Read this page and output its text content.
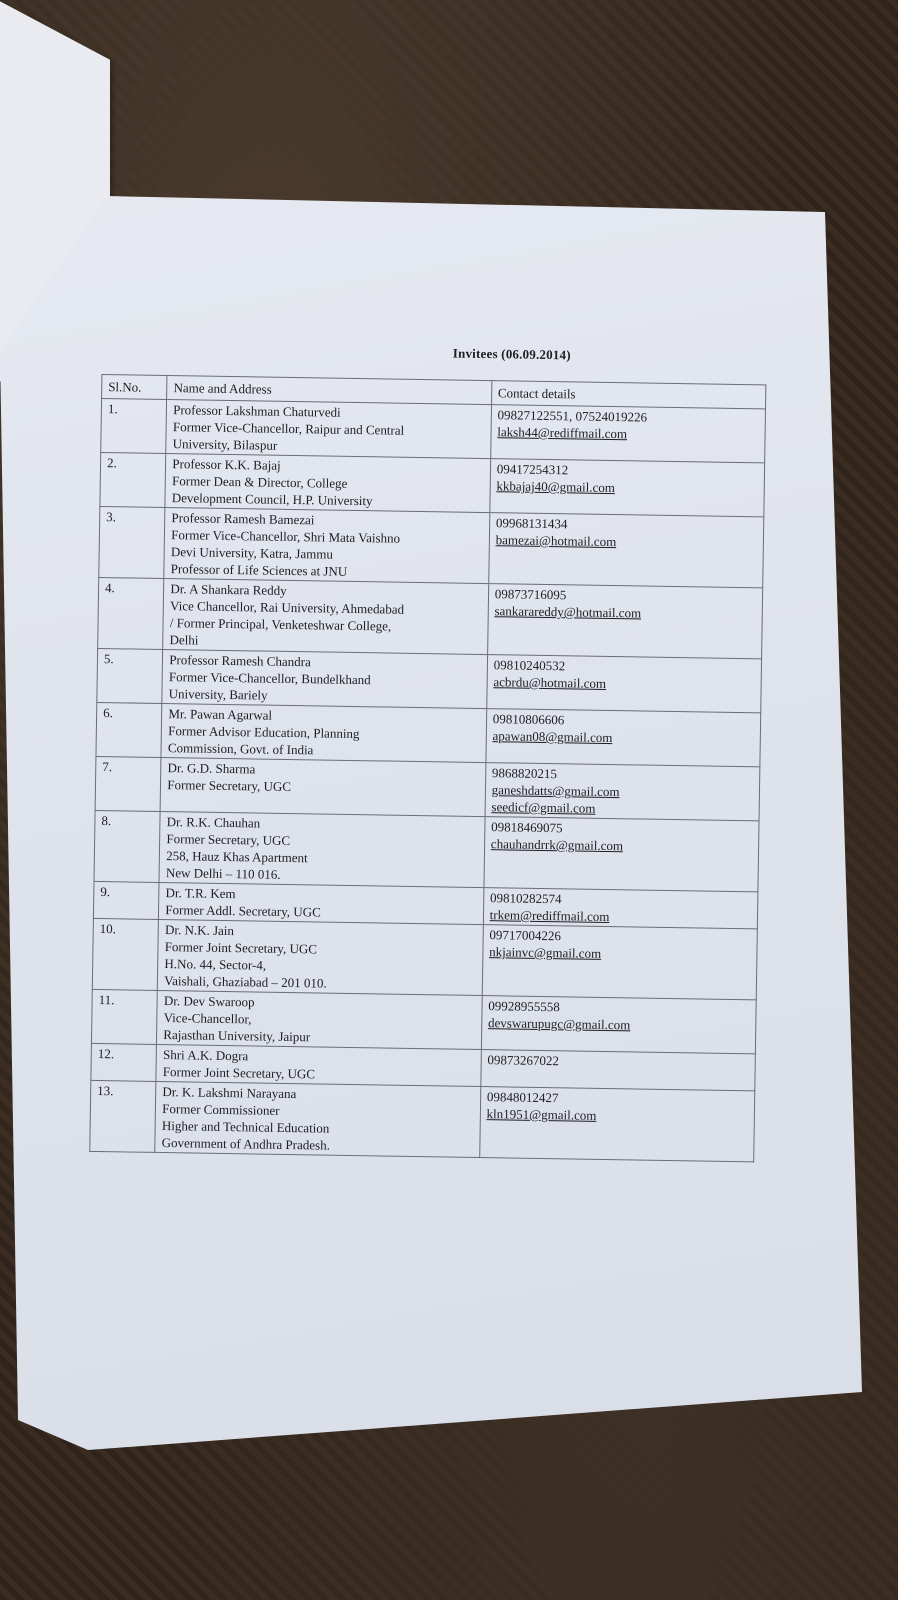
Invitees (06.09.2014)
Sl.No.	Name and Address	Contact details
1.	Professor Lakshman Chaturvedi
Former Vice-Chancellor, Raipur and Central
University, Bilaspur	09827122551, 07524019226
laksh44@rediffmail.com

2.	Professor K.K. Bajaj
Former Dean & Director, College
Development Council, H.P. University	09417254312
kkbajaj40@gmail.com

3.	Professor Ramesh Bamezai
Former Vice-Chancellor, Shri Mata Vaishno
Devi University, Katra, Jammu
Professor of Life Sciences at JNU	09968131434
bamezai@hotmail.com

4.	Dr. A Shankara Reddy
Vice Chancellor, Rai University, Ahmedabad
/ Former Principal, Venketeshwar College,
Delhi	09873716095
sankarareddy@hotmail.com

5.	Professor Ramesh Chandra
Former Vice-Chancellor, Bundelkhand
University, Bariely	09810240532
acbrdu@hotmail.com

6.	Mr. Pawan Agarwal
Former Advisor Education, Planning
Commission, Govt. of India	09810806606
apawan08@gmail.com

7.	Dr. G.D. Sharma
Former Secretary, UGC	9868820215
ganeshdatts@gmail.com
seedicf@gmail.com

8.	Dr. R.K. Chauhan
Former Secretary, UGC
258, Hauz Khas Apartment
New Delhi – 110 016.	09818469075
chauhandrrk@gmail.com

9.	Dr. T.R. Kem
Former Addl. Secretary, UGC	09810282574
trkem@rediffmail.com

10.	Dr. N.K. Jain
Former Joint Secretary, UGC
H.No. 44, Sector-4,
Vaishali, Ghaziabad – 201 010.	09717004226
nkjainvc@gmail.com

11.	Dr. Dev Swaroop
Vice-Chancellor,
Rajasthan University, Jaipur	09928955558
devswarupugc@gmail.com

12.	Shri A.K. Dogra
Former Joint Secretary, UGC	09873267022

13.	Dr. K. Lakshmi Narayana
Former Commissioner
Higher and Technical Education
Government of Andhra Pradesh.	09848012427
kln1951@gmail.com
